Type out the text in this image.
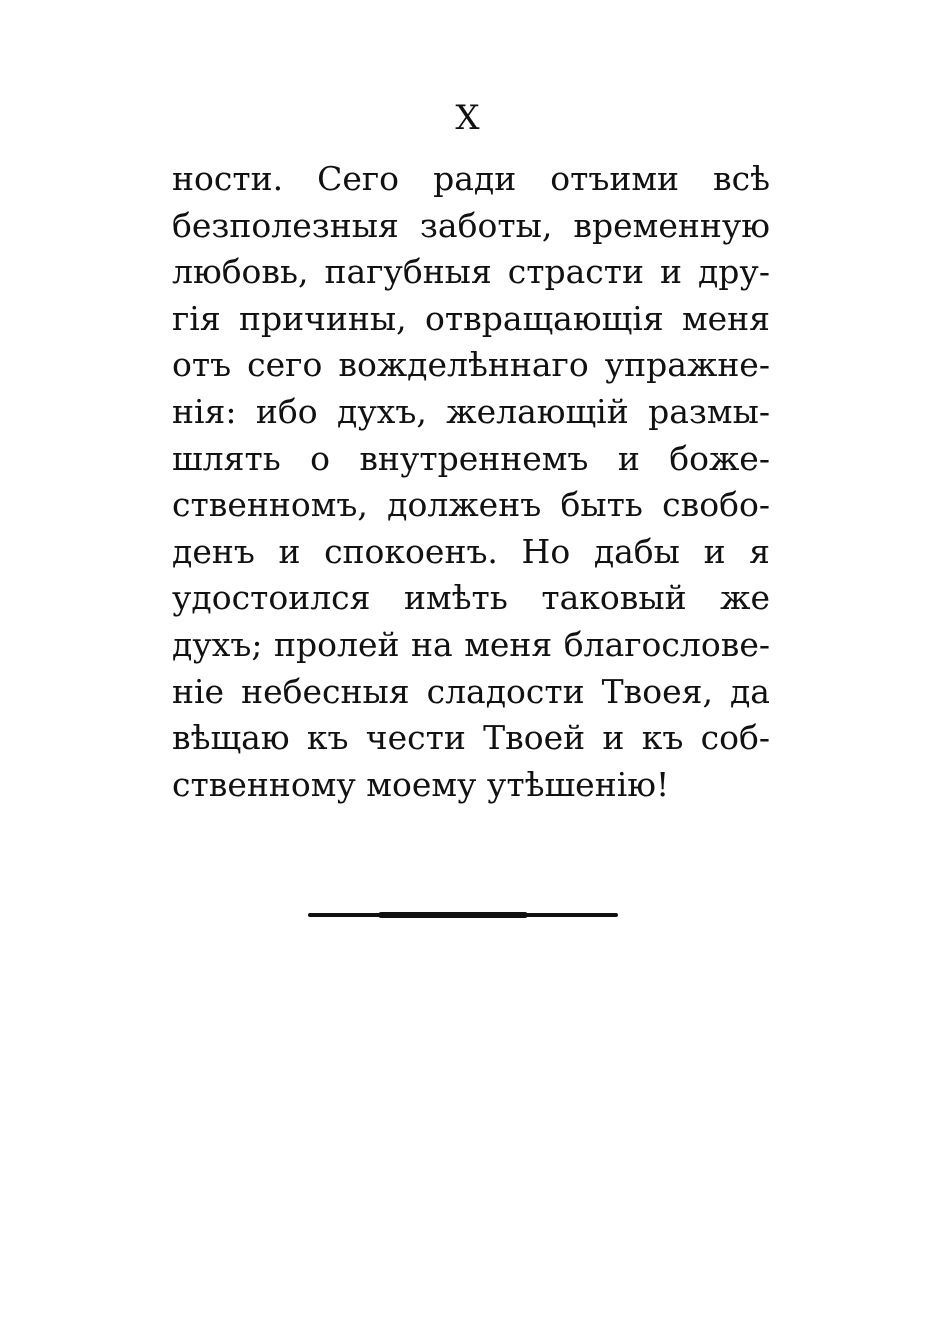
X
ности. Сего ради отъими всѣ
безполезныя заботы, временную
любовь, пагубныя страсти и дру-
гія причины, отвращающія меня
отъ сего вожделѣннаго упражне-
нія: ибо духъ, желающій размы-
шлять о внутреннемъ и боже-
ственномъ, долженъ быть свобо-
денъ и спокоенъ. Но дабы и я
удостоился имѣть таковый же
духъ; пролей на меня благослове-
ніе небесныя сладости Твоея, да
вѣщаю къ чести Твоей и къ соб-
ственному моему утѣшенію!
